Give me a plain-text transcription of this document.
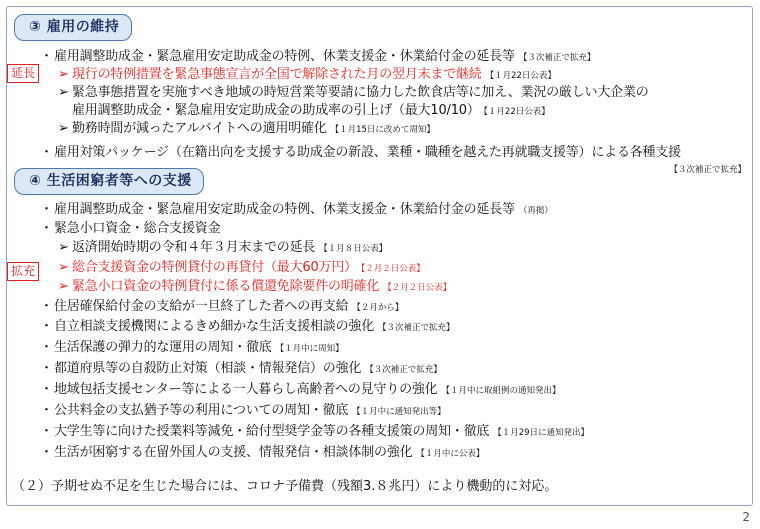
③ 雇用の維持
延長
・雇用調整助成金・緊急雇用安定助成金の特例、休業支援金・休業給付金の延長等 【３次補正で拡充】
➢ 現行の特例措置を緊急事態宣言が全国で解除された月の翌月末まで継続 【１月22日公表】
➢ 緊急事態措置を実施すべき地域の時短営業等要請に協力した飲食店等に加え、業況の厳しい大企業の
雇用調整助成金・緊急雇用安定助成金の助成率の引上げ（最大10/10） 【１月22日公表】
➢ 勤務時間が減ったアルバイトへの適用明確化 【１月15日に改めて周知】
・雇用対策パッケージ（在籍出向を支援する助成金の新設、業種・職種を越えた再就職支援等）による各種支援
【３次補正で拡充】
④ 生活困窮者等への支援
拡充
・雇用調整助成金・緊急雇用安定助成金の特例、休業支援金・休業給付金の延長等 （再掲）
・緊急小口資金・総合支援資金
➢ 返済開始時期の令和４年３月末までの延長 【１月８日公表】
➢ 総合支援資金の特例貸付の再貸付（最大60万円） 【２月２日公表】
➢ 緊急小口資金の特例貸付に係る償還免除要件の明確化 【２月２日公表】
・住居確保給付金の支給が一旦終了した者への再支給 【２月から】
・自立相談支援機関によるきめ細かな生活支援相談の強化 【３次補正で拡充】
・生活保護の弾力的な運用の周知・徹底 【１月中に周知】
・都道府県等の自殺防止対策（相談・情報発信）の強化 【３次補正で拡充】
・地域包括支援センター等による一人暮らし高齢者への見守りの強化 【１月中に取組例の通知発出】
・公共料金の支払猶予等の利用についての周知・徹底 【１月中に通知発出等】
・大学生等に向けた授業料等減免・給付型奨学金等の各種支援策の周知・徹底 【１月29日に通知発出】
・生活が困窮する在留外国人の支援、情報発信・相談体制の強化 【１月中に公表】
（２）予期せぬ不足を生じた場合には、コロナ予備費（残額3.８兆円）により機動的に対応。
2
